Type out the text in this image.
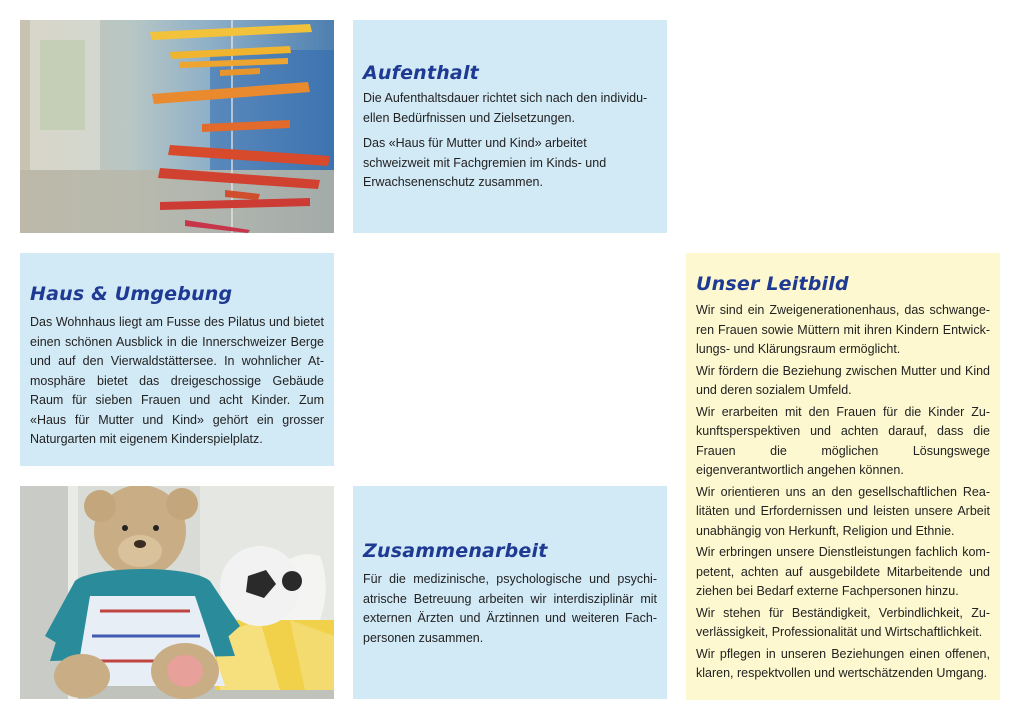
Aufenthalt

Die Aufenthaltsdauer richtet sich nach den individuellen Bedürfnissen und Zielsetzungen.

Das «Haus für Mutter und Kind» arbeitet schweizweit mit Fachgremien im Kinds- und Erwachsenenschutz zusammen.

Haus & Umgebung

Das Wohnhaus liegt am Fusse des Pilatus und bietet einen schönen Ausblick in die Innerschweizer Berge und auf den Vierwaldstättersee. In wohnlicher Atmosphäre bietet das dreigeschossige Gebäude Raum für sieben Frauen und acht Kinder. Zum «Haus für Mutter und Kind» gehört ein grosser Naturgarten mit eigenem Kinderspielplatz.

Unser Leitbild

Wir sind ein Zweigenerationenhaus, das schwangeren Frauen sowie Müttern mit ihren Kindern Entwicklungs- und Klärungsraum ermöglicht.

Wir fördern die Beziehung zwischen Mutter und Kind und deren sozialem Umfeld.

Wir erarbeiten mit den Frauen für die Kinder Zukunftsperspektiven und achten darauf, dass die Frauen die möglichen Lösungswege eigenverantwortlich angehen können.

Wir orientieren uns an den gesellschaftlichen Realitäten und Erfordernissen und leisten unsere Arbeit unabhängig von Herkunft, Religion und Ethnie.

Wir erbringen unsere Dienstleistungen fachlich kompetent, achten auf ausgebildete Mitarbeitende und ziehen bei Bedarf externe Fachpersonen hinzu.

Wir stehen für Beständigkeit, Verbindlichkeit, Zuverlässigkeit, Professionalität und Wirtschaftlichkeit.

Wir pflegen in unseren Beziehungen einen offenen, klaren, respektvollen und wertschätzenden Umgang.

Zusammenarbeit

Für die medizinische, psychologische und psychiatrische Betreuung arbeiten wir interdisziplinär mit externen Ärzten und Ärztinnen und weiteren Fachpersonen zusammen.
